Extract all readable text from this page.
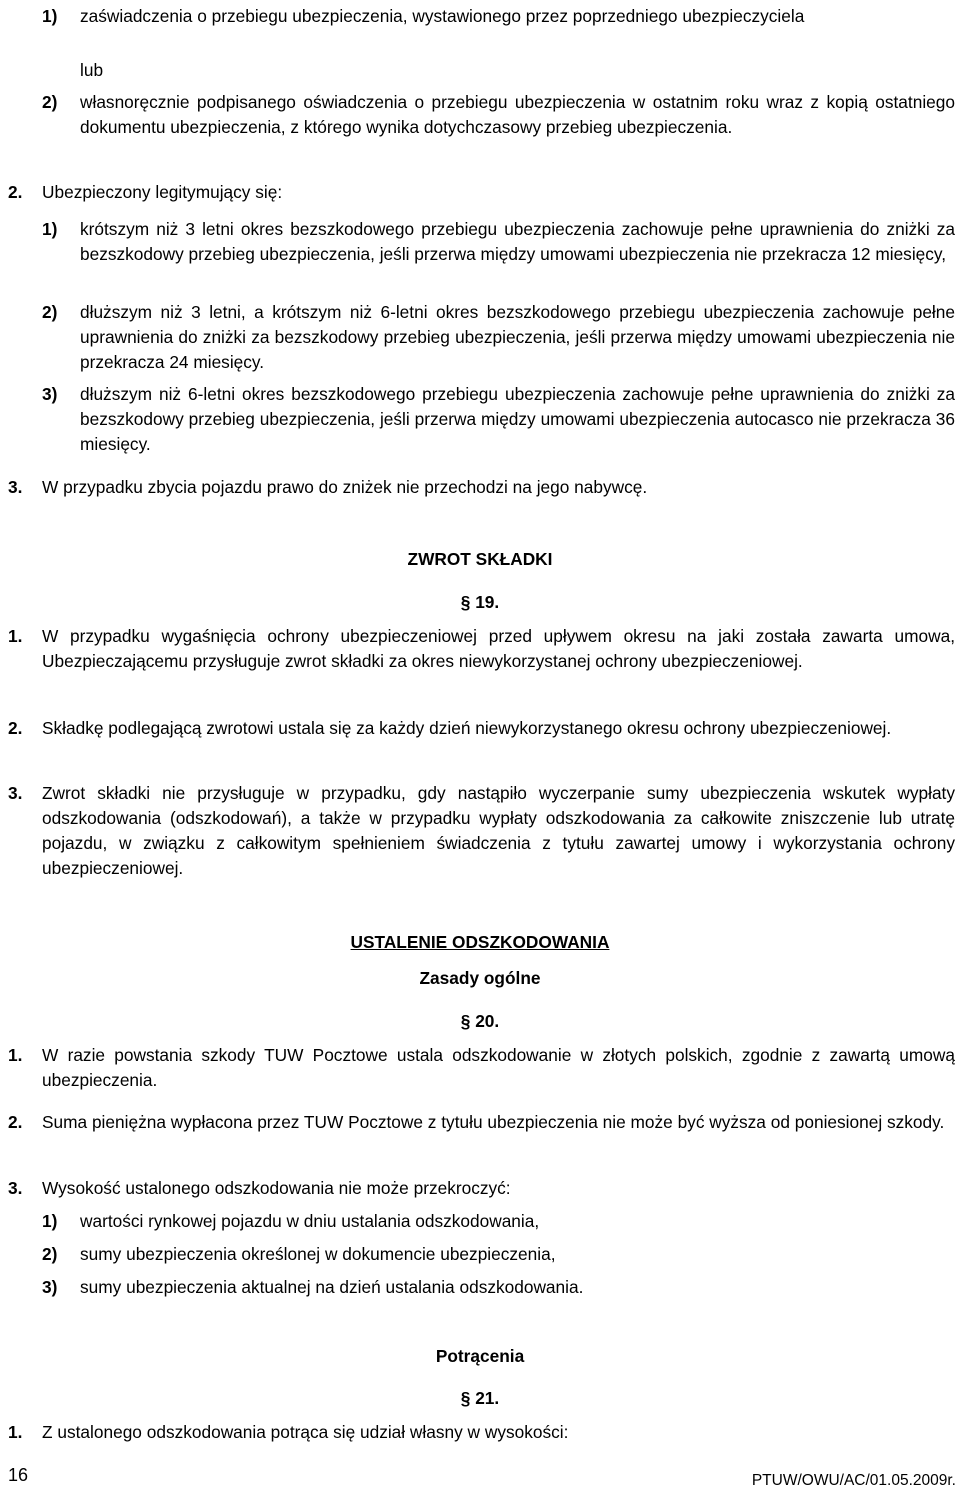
1) zaświadczenia o przebiegu ubezpieczenia, wystawionego przez poprzedniego ubezpieczyciela

lub

2) własnoręcznie podpisanego oświadczenia o przebiegu ubezpieczenia w ostatnim roku wraz z kopią ostatniego dokumentu ubezpieczenia, z którego wynika dotychczasowy przebieg ubezpieczenia.

2. Ubezpieczony legitymujący się:

1) krótszym niż 3 letni okres bezszkodowego przebiegu ubezpieczenia zachowuje pełne uprawnienia do zniżki za bezszkodowy przebieg ubezpieczenia, jeśli przerwa między umowami ubezpieczenia nie przekracza 12 miesięcy,

2) dłuższym niż 3 letni, a krótszym niż 6-letni okres bezszkodowego przebiegu ubezpieczenia zachowuje pełne uprawnienia do zniżki za bezszkodowy przebieg ubezpieczenia, jeśli przerwa między umowami ubezpieczenia nie przekracza 24 miesięcy.

3) dłuższym niż 6-letni okres bezszkodowego przebiegu ubezpieczenia zachowuje pełne uprawnienia do zniżki za bezszkodowy przebieg ubezpieczenia, jeśli przerwa między umowami ubezpieczenia autocasco nie przekracza 36 miesięcy.

3. W przypadku zbycia pojazdu prawo do zniżek nie przechodzi na jego nabywcę.

ZWROT SKŁADKI

§ 19.

1. W przypadku wygaśnięcia ochrony ubezpieczeniowej przed upływem okresu na jaki została zawarta umowa, Ubezpieczającemu przysługuje zwrot składki za okres niewykorzystanej ochrony ubezpieczeniowej.

2. Składkę podlegającą zwrotowi ustala się za każdy dzień niewykorzystanego okresu ochrony ubezpieczeniowej.

3. Zwrot składki nie przysługuje w przypadku, gdy nastąpiło wyczerpanie sumy ubezpieczenia wskutek wypłaty odszkodowania (odszkodowań), a także w przypadku wypłaty odszkodowania za całkowite zniszczenie lub utratę pojazdu, w związku z całkowitym spełnieniem świadczenia z tytułu zawartej umowy i wykorzystania ochrony ubezpieczeniowej.

USTALENIE ODSZKODOWANIA

Zasady ogólne

§ 20.

1. W razie powstania szkody TUW Pocztowe ustala odszkodowanie w złotych polskich, zgodnie z zawartą umową ubezpieczenia.

2. Suma pieniężna wypłacona przez TUW Pocztowe z tytułu ubezpieczenia nie może być wyższa od poniesionej szkody.

3. Wysokość ustalonego odszkodowania nie może przekroczyć:

1) wartości rynkowej pojazdu w dniu ustalania odszkodowania,

2) sumy ubezpieczenia określonej w dokumencie ubezpieczenia,

3) sumy ubezpieczenia aktualnej na dzień ustalania odszkodowania.

Potrącenia

§ 21.

1. Z ustalonego odszkodowania potrąca się udział własny w wysokości:

16	PTUW/OWU/AC/01.05.2009r.
